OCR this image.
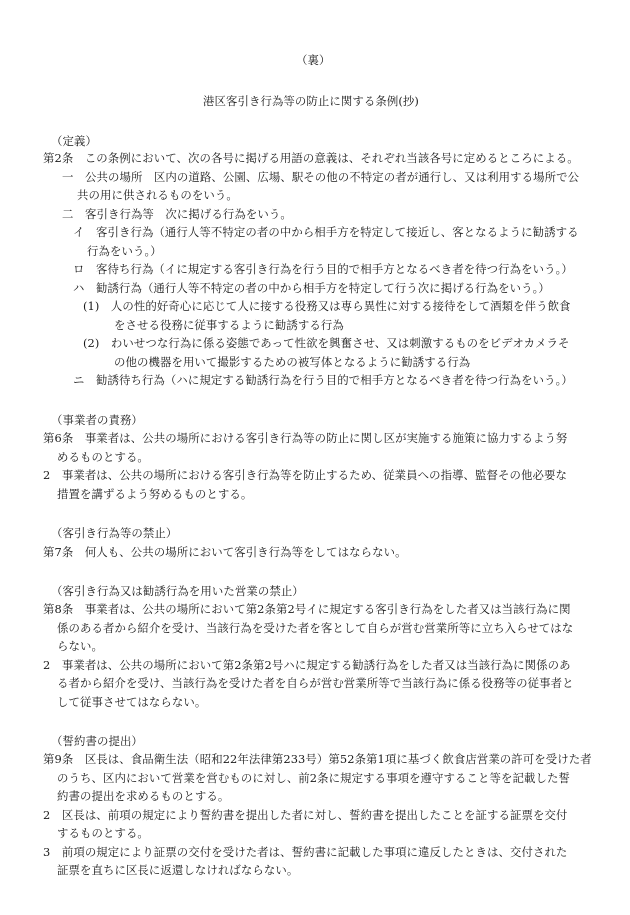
（裏）
港区客引き行為等の防止に関する条例(抄)
（定義）
第2条　この条例において、次の各号に掲げる用語の意義は、それぞれ当該各号に定めるところによる。
一　公共の場所　区内の道路、公園、広場、駅その他の不特定の者が通行し、又は利用する場所で公
共の用に供されるものをいう。
二　客引き行為等　次に掲げる行為をいう。
イ　客引き行為（通行人等不特定の者の中から相手方を特定して接近し、客となるように勧誘する
行為をいう。）
ロ　客待ち行為（イに規定する客引き行為を行う目的で相手方となるべき者を待つ行為をいう。）
ハ　勧誘行為（通行人等不特定の者の中から相手方を特定して行う次に掲げる行為をいう。）
(1)　人の性的好奇心に応じて人に接する役務又は専ら異性に対する接待をして酒類を伴う飲食
をさせる役務に従事するように勧誘する行為
(2)　わいせつな行為に係る姿態であって性欲を興奮させ、又は刺激するものをビデオカメラそ
の他の機器を用いて撮影するための被写体となるように勧誘する行為
ニ　勧誘待ち行為（ハに規定する勧誘行為を行う目的で相手方となるべき者を待つ行為をいう。）
（事業者の責務）
第6条　事業者は、公共の場所における客引き行為等の防止に関し区が実施する施策に協力するよう努
めるものとする。
2　事業者は、公共の場所における客引き行為等を防止するため、従業員への指導、監督その他必要な
措置を講ずるよう努めるものとする。
（客引き行為等の禁止）
第7条　何人も、公共の場所において客引き行為等をしてはならない。
（客引き行為又は勧誘行為を用いた営業の禁止）
第8条　事業者は、公共の場所において第2条第2号イに規定する客引き行為をした者又は当該行為に関
係のある者から紹介を受け、当該行為を受けた者を客として自らが営む営業所等に立ち入らせてはな
らない。
2　事業者は、公共の場所において第2条第2号ハに規定する勧誘行為をした者又は当該行為に関係のあ
る者から紹介を受け、当該行為を受けた者を自らが営む営業所等で当該行為に係る役務等の従事者と
して従事させてはならない。
（誓約書の提出）
第9条　区長は、食品衛生法（昭和22年法律第233号）第52条第1項に基づく飲食店営業の許可を受けた者
のうち、区内において営業を営むものに対し、前2条に規定する事項を遵守すること等を記載した誓
約書の提出を求めるものとする。
2　区長は、前項の規定により誓約書を提出した者に対し、誓約書を提出したことを証する証票を交付
するものとする。
3　前項の規定により証票の交付を受けた者は、誓約書に記載した事項に違反したときは、交付された
証票を直ちに区長に返還しなければならない。
